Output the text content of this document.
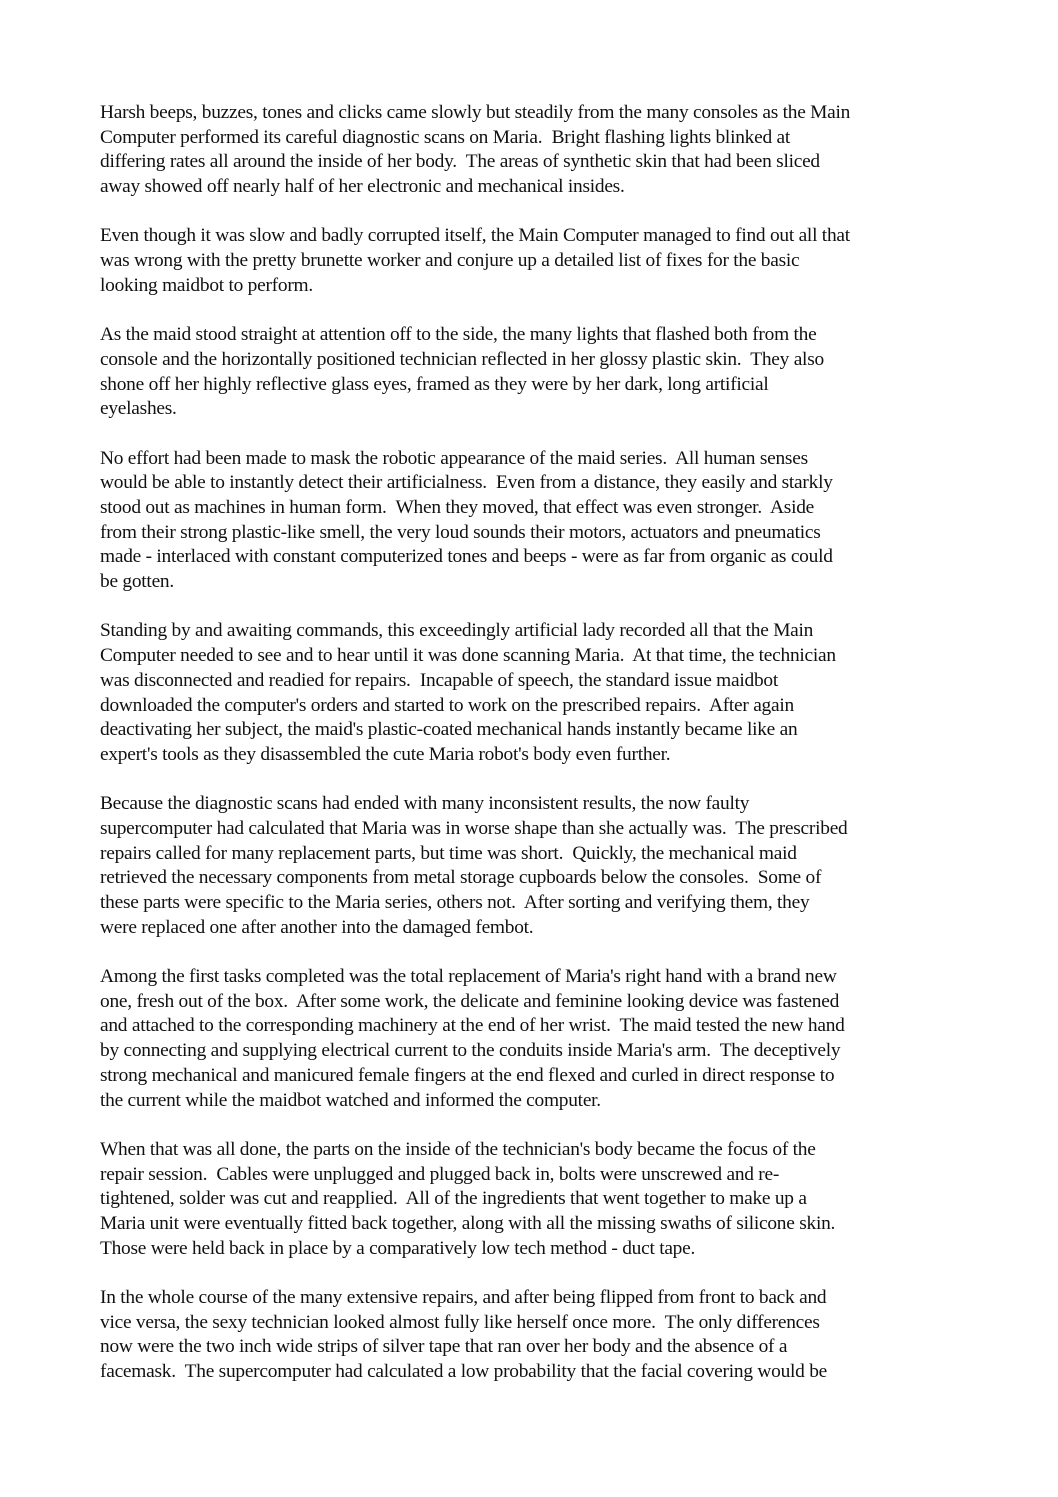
Harsh beeps, buzzes, tones and clicks came slowly but steadily from the many consoles as the Main
Computer performed its careful diagnostic scans on Maria.  Bright flashing lights blinked at
differing rates all around the inside of her body.  The areas of synthetic skin that had been sliced
away showed off nearly half of her electronic and mechanical insides.

Even though it was slow and badly corrupted itself, the Main Computer managed to find out all that
was wrong with the pretty brunette worker and conjure up a detailed list of fixes for the basic
looking maidbot to perform.

As the maid stood straight at attention off to the side, the many lights that flashed both from the
console and the horizontally positioned technician reflected in her glossy plastic skin.  They also
shone off her highly reflective glass eyes, framed as they were by her dark, long artificial
eyelashes.

No effort had been made to mask the robotic appearance of the maid series.  All human senses
would be able to instantly detect their artificialness.  Even from a distance, they easily and starkly
stood out as machines in human form.  When they moved, that effect was even stronger.  Aside
from their strong plastic-like smell, the very loud sounds their motors, actuators and pneumatics
made - interlaced with constant computerized tones and beeps - were as far from organic as could
be gotten.

Standing by and awaiting commands, this exceedingly artificial lady recorded all that the Main
Computer needed to see and to hear until it was done scanning Maria.  At that time, the technician
was disconnected and readied for repairs.  Incapable of speech, the standard issue maidbot
downloaded the computer's orders and started to work on the prescribed repairs.  After again
deactivating her subject, the maid's plastic-coated mechanical hands instantly became like an
expert's tools as they disassembled the cute Maria robot's body even further.

Because the diagnostic scans had ended with many inconsistent results, the now faulty
supercomputer had calculated that Maria was in worse shape than she actually was.  The prescribed
repairs called for many replacement parts, but time was short.  Quickly, the mechanical maid
retrieved the necessary components from metal storage cupboards below the consoles.  Some of
these parts were specific to the Maria series, others not.  After sorting and verifying them, they
were replaced one after another into the damaged fembot.

Among the first tasks completed was the total replacement of Maria's right hand with a brand new
one, fresh out of the box.  After some work, the delicate and feminine looking device was fastened
and attached to the corresponding machinery at the end of her wrist.  The maid tested the new hand
by connecting and supplying electrical current to the conduits inside Maria's arm.  The deceptively
strong mechanical and manicured female fingers at the end flexed and curled in direct response to
the current while the maidbot watched and informed the computer.

When that was all done, the parts on the inside of the technician's body became the focus of the
repair session.  Cables were unplugged and plugged back in, bolts were unscrewed and re-
tightened, solder was cut and reapplied.  All of the ingredients that went together to make up a
Maria unit were eventually fitted back together, along with all the missing swaths of silicone skin.
Those were held back in place by a comparatively low tech method - duct tape.

In the whole course of the many extensive repairs, and after being flipped from front to back and
vice versa, the sexy technician looked almost fully like herself once more.  The only differences
now were the two inch wide strips of silver tape that ran over her body and the absence of a
facemask.  The supercomputer had calculated a low probability that the facial covering would be
